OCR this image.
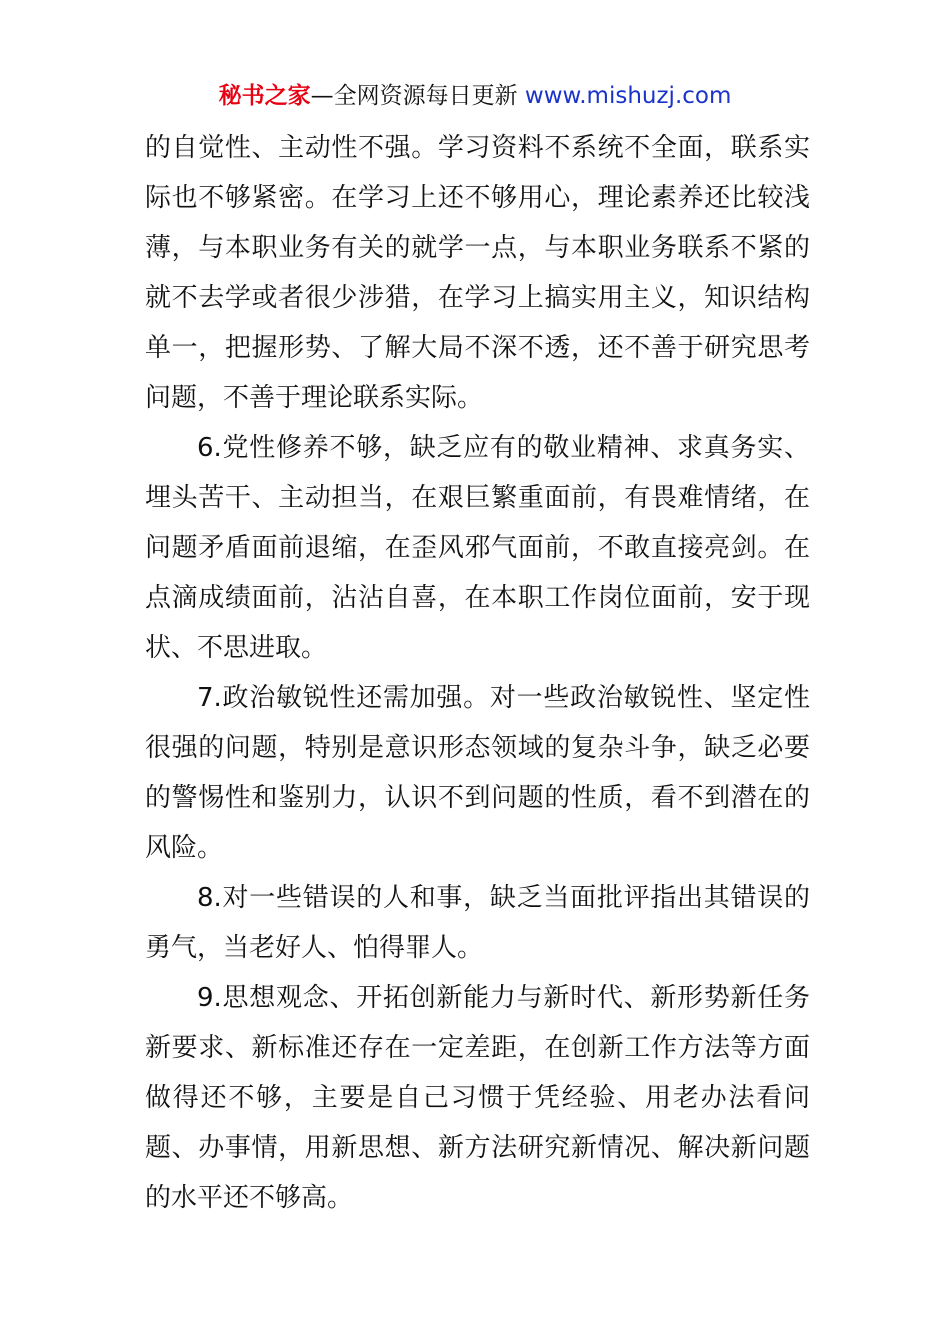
秘书之家—全网资源每日更新 www.mishuzj.com

的自觉性、主动性不强。学习资料不系统不全面，联系实际也不够紧密。在学习上还不够用心，理论素养还比较浅薄，与本职业务有关的就学一点，与本职业务联系不紧的就不去学或者很少涉猎，在学习上搞实用主义，知识结构单一，把握形势、了解大局不深不透，还不善于研究思考问题，不善于理论联系实际。

6.党性修养不够，缺乏应有的敬业精神、求真务实、埋头苦干、主动担当，在艰巨繁重面前，有畏难情绪，在问题矛盾面前退缩，在歪风邪气面前，不敢直接亮剑。在点滴成绩面前，沾沾自喜，在本职工作岗位面前，安于现状、不思进取。

7.政治敏锐性还需加强。对一些政治敏锐性、坚定性很强的问题，特别是意识形态领域的复杂斗争，缺乏必要的警惕性和鉴别力，认识不到问题的性质，看不到潜在的风险。

8.对一些错误的人和事，缺乏当面批评指出其错误的勇气，当老好人、怕得罪人。

9.思想观念、开拓创新能力与新时代、新形势新任务新要求、新标准还存在一定差距，在创新工作方法等方面做得还不够，主要是自己习惯于凭经验、用老办法看问题、办事情，用新思想、新方法研究新情况、解决新问题的水平还不够高。
